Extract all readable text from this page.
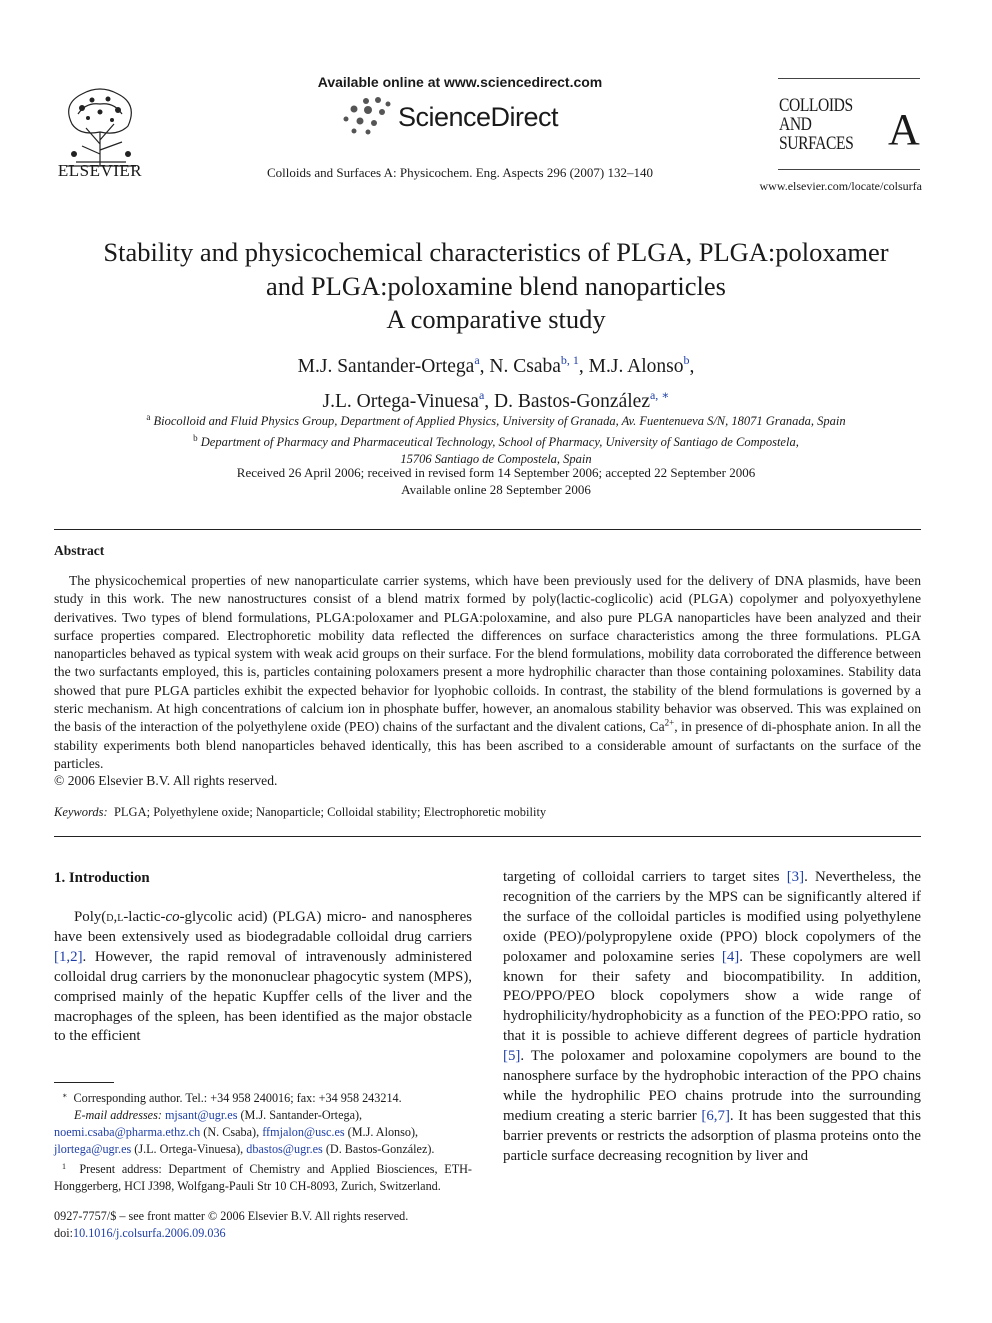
ELSEVIER
Available online at www.sciencedirect.com
ScienceDirect
Colloids and Surfaces A: Physicochem. Eng. Aspects 296 (2007) 132–140
COLLOIDS
AND
SURFACES A
www.elsevier.com/locate/colsurfa
Stability and physicochemical characteristics of PLGA, PLGA:poloxamer
and PLGA:poloxamine blend nanoparticles
A comparative study
M.J. Santander-Ortega$^a$, N. Csaba$^{b, 1}$, M.J. Alonso$^b$,
J.L. Ortega-Vinuesa$^a$, D. Bastos-González$^{a, ∗}$
$^a$ Biocolloid and Fluid Physics Group, Department of Applied Physics, University of Granada, Av. Fuentenueva S/N, 18071 Granada, Spain
$^b$ Department of Pharmacy and Pharmaceutical Technology, School of Pharmacy, University of Santiago de Compostela,
15706 Santiago de Compostela, Spain
Received 26 April 2006; received in revised form 14 September 2006; accepted 22 September 2006
Available online 28 September 2006
Abstract

The physicochemical properties of new nanoparticulate carrier systems, which have been previously used for the delivery of DNA plasmids, have been study in this work. The new nanostructures consist of a blend matrix formed by poly(lactic-coglicolic) acid (PLGA) copolymer and polyoxyethylene derivatives. Two types of blend formulations, PLGA:poloxamer and PLGA:poloxamine, and also pure PLGA nanoparticles have been analyzed and their surface properties compared. Electrophoretic mobility data reflected the differences on surface characteristics among the three formulations. PLGA nanoparticles behaved as typical system with weak acid groups on their surface. For the blend formulations, mobility data corroborated the difference between the two surfactants employed, this is, particles containing poloxamers present a more hydrophilic character than those containing poloxamines. Stability data showed that pure PLGA particles exhibit the expected behavior for lyophobic colloids. In contrast, the stability of the blend formulations is governed by a steric mechanism. At high concentrations of calcium ion in phosphate buffer, however, an anomalous stability behavior was observed. This was explained on the basis of the interaction of the polyethylene oxide (PEO) chains of the surfactant and the divalent cations, $Ca^{2+}$, in presence of di-phosphate anion. In all the stability experiments both blend nanoparticles behaved identically, this has been ascribed to a considerable amount of surfactants on the surface of the particles.

© 2006 Elsevier B.V. All rights reserved.
Keywords: PLGA; Polyethylene oxide; Nanoparticle; Colloidal stability; Electrophoretic mobility
1. Introduction

Poly(d,l-lactic-co-glycolic acid) (PLGA) micro- and nanospheres have been extensively used as biodegradable colloidal drug carriers [1,2]. However, the rapid removal of intravenously administered colloidal drug carriers by the mononuclear phagocytic system (MPS), comprised mainly of the hepatic Kupffer cells of the liver and the macrophages of the spleen, has been identified as the major obstacle to the efficient

targeting of colloidal carriers to target sites [3]. Nevertheless, the recognition of the carriers by the MPS can be significantly altered if the surface of the colloidal particles is modified using polyethylene oxide (PEO)/polypropylene oxide (PPO) block copolymers of the poloxamer and poloxamine series [4]. These copolymers are well known for their safety and biocompatibility. In addition, PEO/PPO/PEO block copolymers show a wide range of hydrophilicity/hydrophobicity as a function of the PEO:PPO ratio, so that it is possible to achieve different degrees of particle hydration [5]. The poloxamer and poloxamine copolymers are bound to the nanosphere surface by the hydrophobic interaction of the PPO chains while the hydrophilic PEO chains protrude into the surrounding medium creating a steric barrier [6,7]. It has been suggested that this barrier prevents or restricts the adsorption of plasma proteins onto the particle surface decreasing recognition by liver and

∗ Corresponding author. Tel.: +34 958 240016; fax: +34 958 243214.

E-mail addresses: mjsant@ugr.es (M.J. Santander-Ortega),

noemi.csaba@pharma.ethz.ch (N. Csaba), ffmjalon@usc.es (M.J. Alonso),

jlortega@ugr.es (J.L. Ortega-Vinuesa), dbastos@ugr.es (D. Bastos-González).

$^1$ Present address: Department of Chemistry and Applied Biosciences, ETH-Honggerberg, HCI J398, Wolfgang-Pauli Str 10 CH-8093, Zurich, Switzerland.

0927-7757/$ – see front matter © 2006 Elsevier B.V. All rights reserved.
doi:10.1016/j.colsurfa.2006.09.036
